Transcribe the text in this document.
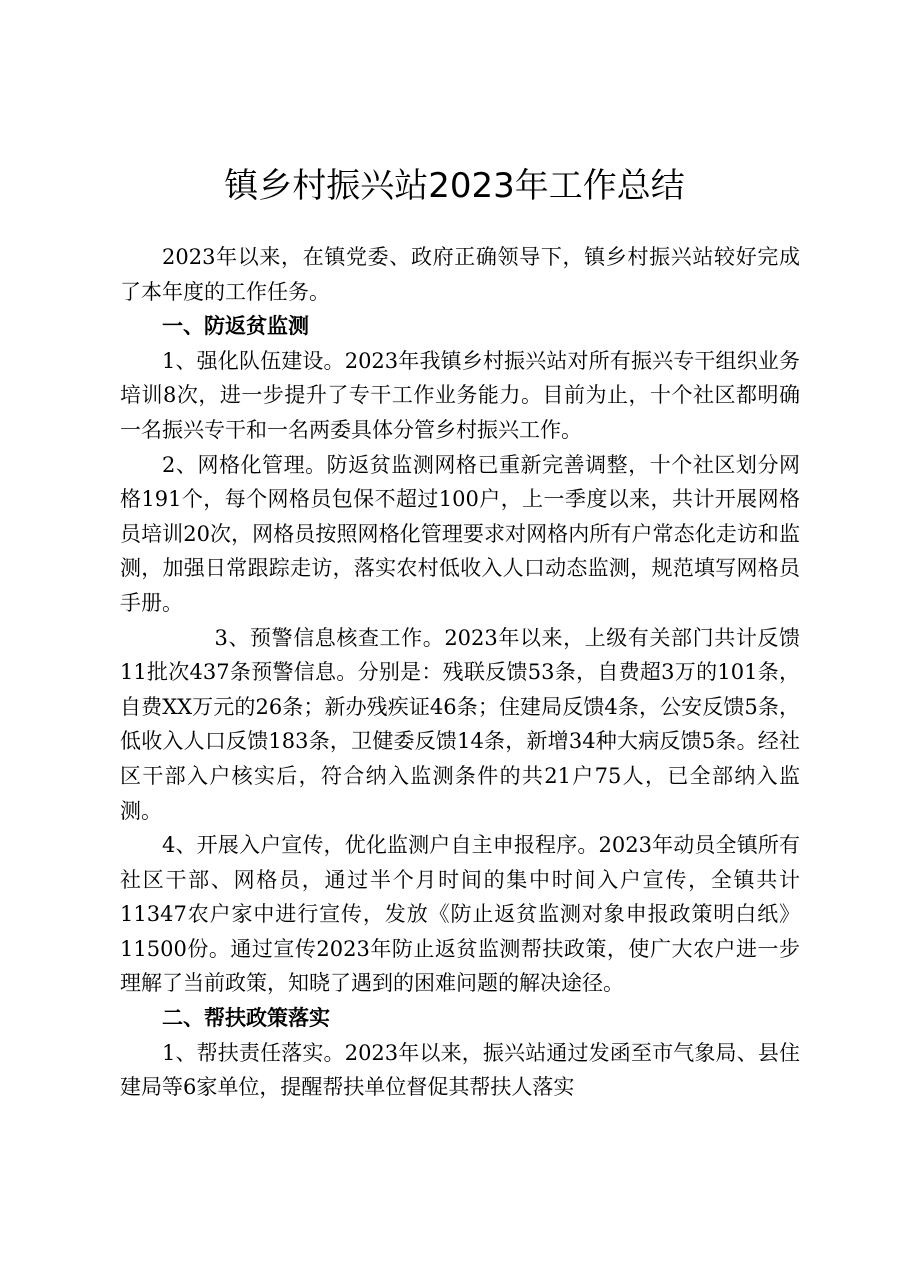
镇乡村振兴站2023年工作总结

2023年以来，在镇党委、政府正确领导下，镇乡村振兴站较好完成了本年度的工作任务。

一、防返贫监测

1、强化队伍建设。2023年我镇乡村振兴站对所有振兴专干组织业务培训8次，进一步提升了专干工作业务能力。目前为止，十个社区都明确一名振兴专干和一名两委具体分管乡村振兴工作。

2、网格化管理。防返贫监测网格已重新完善调整，十个社区划分网格191个，每个网格员包保不超过100户，上一季度以来，共计开展网格员培训20次，网格员按照网格化管理要求对网格内所有户常态化走访和监测，加强日常跟踪走访，落实农村低收入人口动态监测，规范填写网格员手册。

3、预警信息核查工作。2023年以来，上级有关部门共计反馈11批次437条预警信息。分别是：残联反馈53条，自费超3万的101条，自费XX万元的26条；新办残疾证46条；住建局反馈4条，公安反馈5条，低收入人口反馈183条，卫健委反馈14条，新增34种大病反馈5条。经社区干部入户核实后，符合纳入监测条件的共21户75人，已全部纳入监测。

4、开展入户宣传，优化监测户自主申报程序。2023年动员全镇所有社区干部、网格员，通过半个月时间的集中时间入户宣传，全镇共计11347农户家中进行宣传，发放《防止返贫监测对象申报政策明白纸》11500份。通过宣传2023年防止返贫监测帮扶政策，使广大农户进一步理解了当前政策，知晓了遇到的困难问题的解决途径。

二、帮扶政策落实

1、帮扶责任落实。2023年以来，振兴站通过发函至市气象局、县住建局等6家单位，提醒帮扶单位督促其帮扶人落实
